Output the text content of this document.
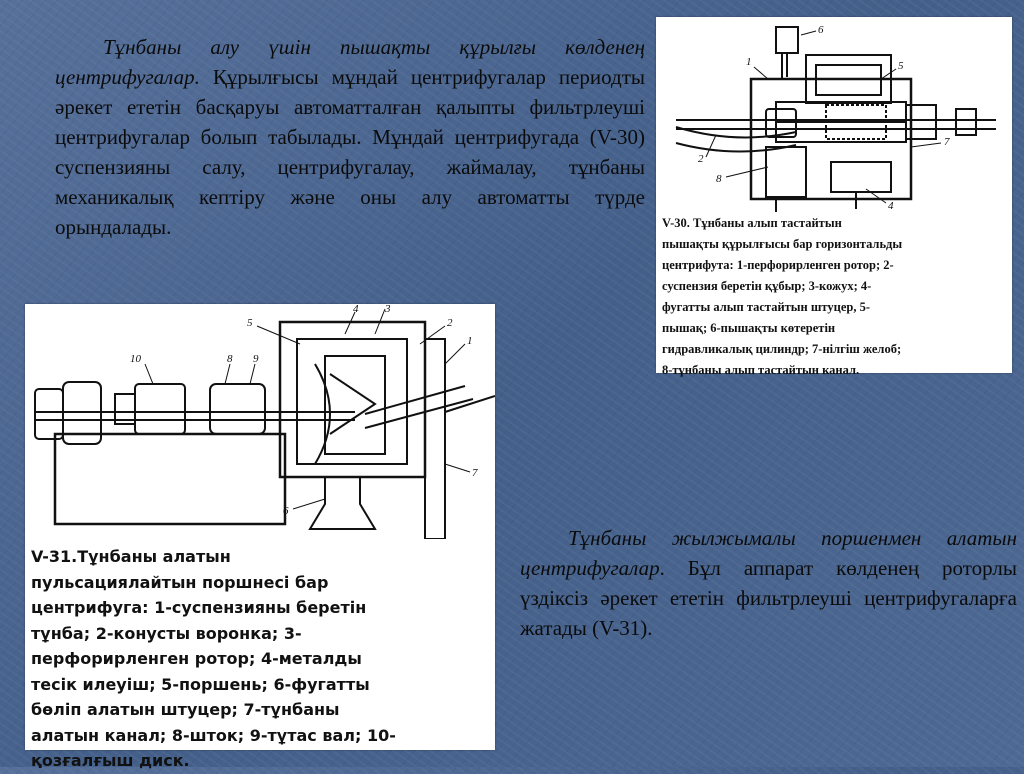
Тұнбаны алу үшін пышақты құрылғы көлденең центрифугалар. Құрылғысы мұндай центрифугалар периодты әрекет ететін басқаруы автоматталған қалыпты фильтрлеуші центрифугалар болып табылады. Мұндай центрифугада (V-30) суспензияны салу, центрифугалау, жаймалау, тұнбаны механикалық кептіру және оны алу автоматты түрде орындалады.
6
1	5
2
7
8
4
V-30. Тұнбаны алып тастайтын
пышақты құрылғысы бар горизонтальды
центрифута: 1-перфорирленген ротор; 2-
суспензия беретін құбыр; 3-кожух; 4-
фугатты алып тастайтын штуцер, 5-
пышақ; 6-пышақты көтеретін
гидравликалық цилиндр; 7-нілгіш желоб;
8-тұнбаны алып тастайтын канал.
10	8 9
5
4 3
2
1
7
6
V-31.Тұнбаны алатын
пульсациялайтын поршнесі бар
центрифуга: 1-суспензияны беретін
тұнба; 2-конусты воронка; 3-
перфорирленген ротор; 4-металды
тесік илеуіш; 5-поршень; 6-фугатты
бөліп алатын штуцер; 7-тұнбаны
алатын канал; 8-шток; 9-тұтас вал; 10-
қозғалғыш диск.
Тұнбаны жылжымалы поршенмен алатын центрифугалар. Бұл аппарат көлденең роторлы үздіксіз әрекет ететін фильтрлеуші центрифугаларға жатады (V-31).
